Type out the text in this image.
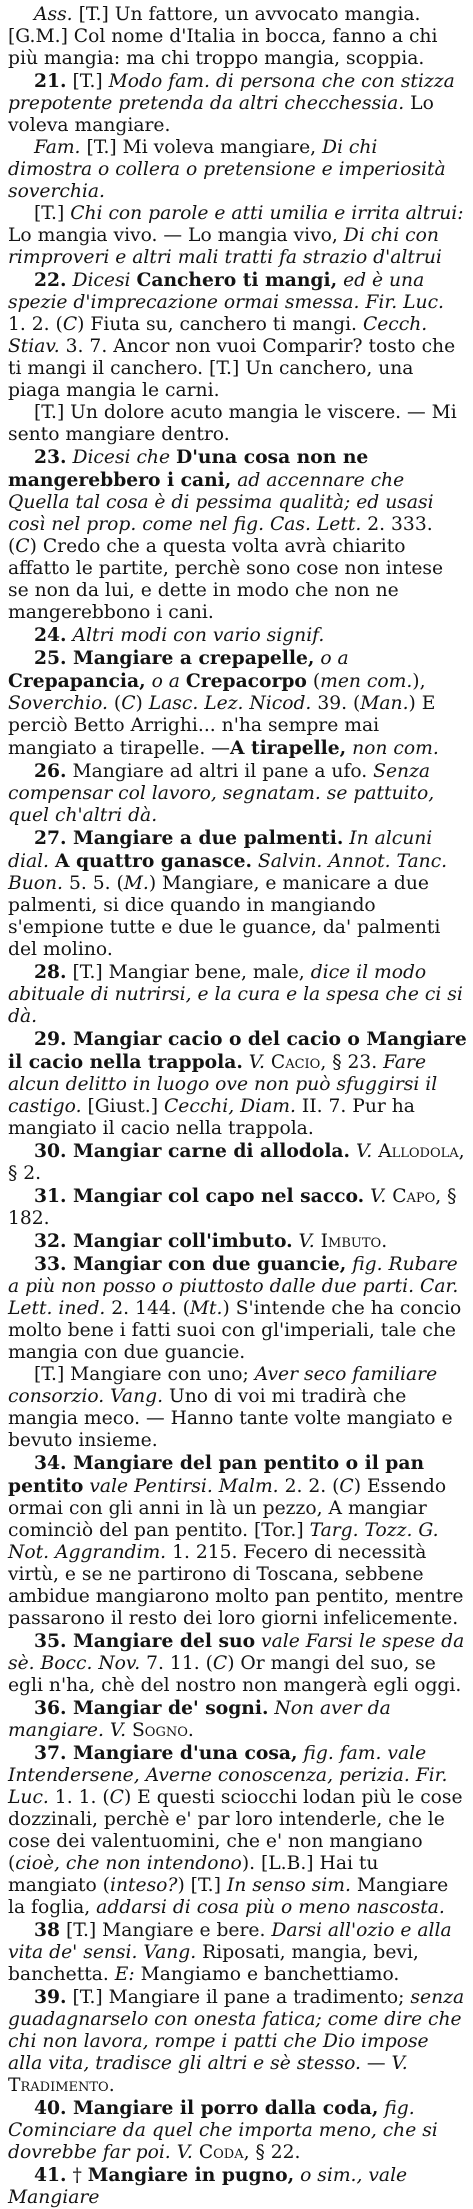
Ass. [T.] Un fattore, un avvocato mangia. [G.M.] Col nome d'Italia in bocca, fanno a chi più mangia: ma chi troppo mangia, scoppia.

21. [T.] Modo fam. di persona che con stizza prepotente pretenda da altri checchessia. Lo voleva mangiare.

Fam. [T.] Mi voleva mangiare, Di chi dimostra o collera o pretensione e imperiosità soverchia.

[T.] Chi con parole e atti umilia e irrita altrui: Lo mangia vivo. — Lo mangia vivo, Di chi con rimproveri e altri mali tratti fa strazio d'altrui

22. Dicesi Canchero ti mangi, ed è una spezie d'imprecazione ormai smessa. Fir. Luc. 1. 2. (C) Fiuta su, canchero ti mangi. Cecch. Stiav. 3. 7. Ancor non vuoi Comparir? tosto che ti mangi il canchero. [T.] Un canchero, una piaga mangia le carni.

[T.] Un dolore acuto mangia le viscere. — Mi sento mangiare dentro.

23. Dicesi che D'una cosa non ne mangerebbero i cani, ad accennare che Quella tal cosa è di pessima qualità; ed usasi così nel prop. come nel fig. Cas. Lett. 2. 333. (C) Credo che a questa volta avrà chiarito affatto le partite, perchè sono cose non intese se non da lui, e dette in modo che non ne mangerebbono i cani.

24. Altri modi con vario signif.

25. Mangiare a crepapelle, o a Crepapancia, o a Crepacorpo (men com.), Soverchio. (C) Lasc. Lez. Nicod. 39. (Man.) E perciò Betto Arrighi... n'ha sempre mai mangiato a tirapelle. —A tirapelle, non com.

26. Mangiare ad altri il pane a ufo. Senza compensar col lavoro, segnatam. se pattuito, quel ch'altri dà.

27. Mangiare a due palmenti. In alcuni dial. A quattro ganasce. Salvin. Annot. Tanc. Buon. 5. 5. (M.) Mangiare, e manicare a due palmenti, si dice quando in mangiando s'empione tutte e due le guance, da' palmenti del molino.

28. [T.] Mangiar bene, male, dice il modo abituale di nutrirsi, e la cura e la spesa che ci si dà.

29. Mangiar cacio o del cacio o Mangiare il cacio nella trappola. V. Cacio, § 23. Fare alcun delitto in luogo ove non può sfuggirsi il castigo. [Giust.] Cecchi, Diam. II. 7. Pur ha mangiato il cacio nella trappola.

30. Mangiar carne di allodola. V. Allodola, § 2.

31. Mangiar col capo nel sacco. V. Capo, § 182.

32. Mangiar coll'imbuto. V. Imbuto.

33. Mangiar con due guancie, fig. Rubare a più non posso o piuttosto dalle due parti. Car. Lett. ined. 2. 144. (Mt.) S'intende che ha concio molto bene i fatti suoi con gl'imperiali, tale che mangia con due guancie.

[T.] Mangiare con uno; Aver seco familiare consorzio. Vang. Uno di voi mi tradirà che mangia meco. — Hanno tante volte mangiato e bevuto insieme.

34. Mangiare del pan pentito o il pan pentito vale Pentirsi. Malm. 2. 2. (C) Essendo ormai con gli anni in là un pezzo, A mangiar cominciò del pan pentito. [Tor.] Targ. Tozz. G. Not. Aggrandim. 1. 215. Fecero di necessità virtù, e se ne partirono di Toscana, sebbene ambidue mangiarono molto pan pentito, mentre passarono il resto dei loro giorni infelicemente.

35. Mangiare del suo vale Farsi le spese da sè. Bocc. Nov. 7. 11. (C) Or mangi del suo, se egli n'ha, chè del nostro non mangerà egli oggi.

36. Mangiar de' sogni. Non aver da mangiare. V. Sogno.

37. Mangiare d'una cosa, fig. fam. vale Intendersene, Averne conoscenza, perizia. Fir. Luc. 1. 1. (C) E questi sciocchi lodan più le cose dozzinali, perchè e' par loro intenderle, che le cose dei valentuomini, che e' non mangiano (cioè, che non intendono). [L.B.] Hai tu mangiato (inteso?) [T.] In senso sim. Mangiare la foglia, addarsi di cosa più o meno nascosta.

38 [T.] Mangiare e bere. Darsi all'ozio e alla vita de' sensi. Vang. Riposati, mangia, bevi, banchetta. E: Mangiamo e banchettiamo.

39. [T.] Mangiare il pane a tradimento; senza guadagnarselo con onesta fatica; come dire che chi non lavora, rompe i patti che Dio impose alla vita, tradisce gli altri e sè stesso. — V. Tradimento.

40. Mangiare il porro dalla coda, fig. Cominciare da quel che importa meno, che si dovrebbe far poi. V. Coda, § 22.

41. † Mangiare in pugno, o sim., vale Mangiare
